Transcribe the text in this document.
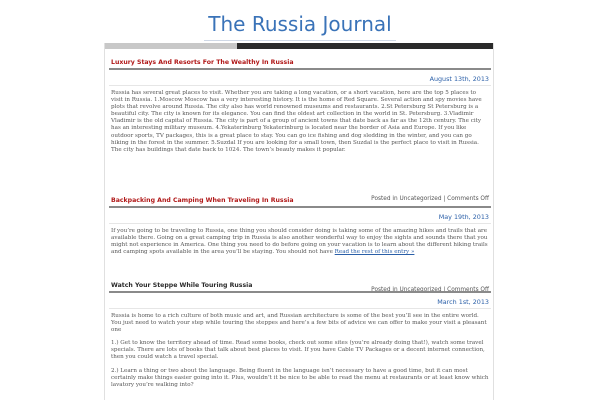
The Russia Journal
Luxury Stays And Resorts For The Wealthy In Russia
August 13th, 2013

Russia has several great places to visit. Whether you are taking a long vacation, or a short vacation, here are the top 5 places to visit in Russia. 1.Moscow Moscow has a very interesting history. It is the home of Red Square. Several action and spy movies have plots that revolve around Russia. The city also has world renowned museums and restaurants. 2.St Petersburg St Petersburg is a beautiful city. The city is known for its elegance. You can find the oldest art collection in the world in St. Petersburg. 3.Vladimir Vladimir is the old capital of Russia. The city is part of a group of ancient towns that date back as far as the 12th century. The city has an interesting military museum. 4.Yekaterinburg Yekaterinburg is located near the border of Asia and Europe. If you like outdoor sports, TV packages, this is a great place to stay. You can go ice fishing and dog sledding in the winter, and you can go hiking in the forest in the summer. 5.Suzdal If you are looking for a small town, then Suzdal is the perfect place to visit in Russia. The city has buildings that date back to 1024. The town’s beauty makes it popular.

Posted in Uncategorized | Comments Off
Backpacking And Camping When Traveling In Russia
May 19th, 2013

If you’re going to be traveling to Russia, one thing you should consider doing is taking some of the amazing hikes and trails that are available there. Going on a great camping trip in Russia is also another wonderful way to enjoy the sights and sounds there that you might not experience in America. One thing you need to do before going on your vacation is to learn about the different hiking trails and camping spots available in the area you’ll be staying. You should not have Read the rest of this entry »

Posted in Uncategorized | Comments Off
Watch Your Steppe While Touring Russia
March 1st, 2013

Russia is home to a rich culture of both music and art, and Russian architecture is some of the best you’ll see in the entire world. You just need to watch your step while touring the steppes and here’s a few bits of advice we can offer to make your visit a pleasant one

1.) Get to know the territory ahead of time. Read some books, check out some sites (you’re already doing that!), watch some travel specials. There are lots of books that talk about best places to visit. If you have Cable TV Packages or a decent internet connection, then you could watch a travel special.

2.) Learn a thing or two about the language. Being fluent in the language isn’t necessary to have a good time, but it can most certainly make things easier going into it. Plus, wouldn’t it be nice to be able to read the menu at restaurants or at least know which lavatory you’re walking into?
